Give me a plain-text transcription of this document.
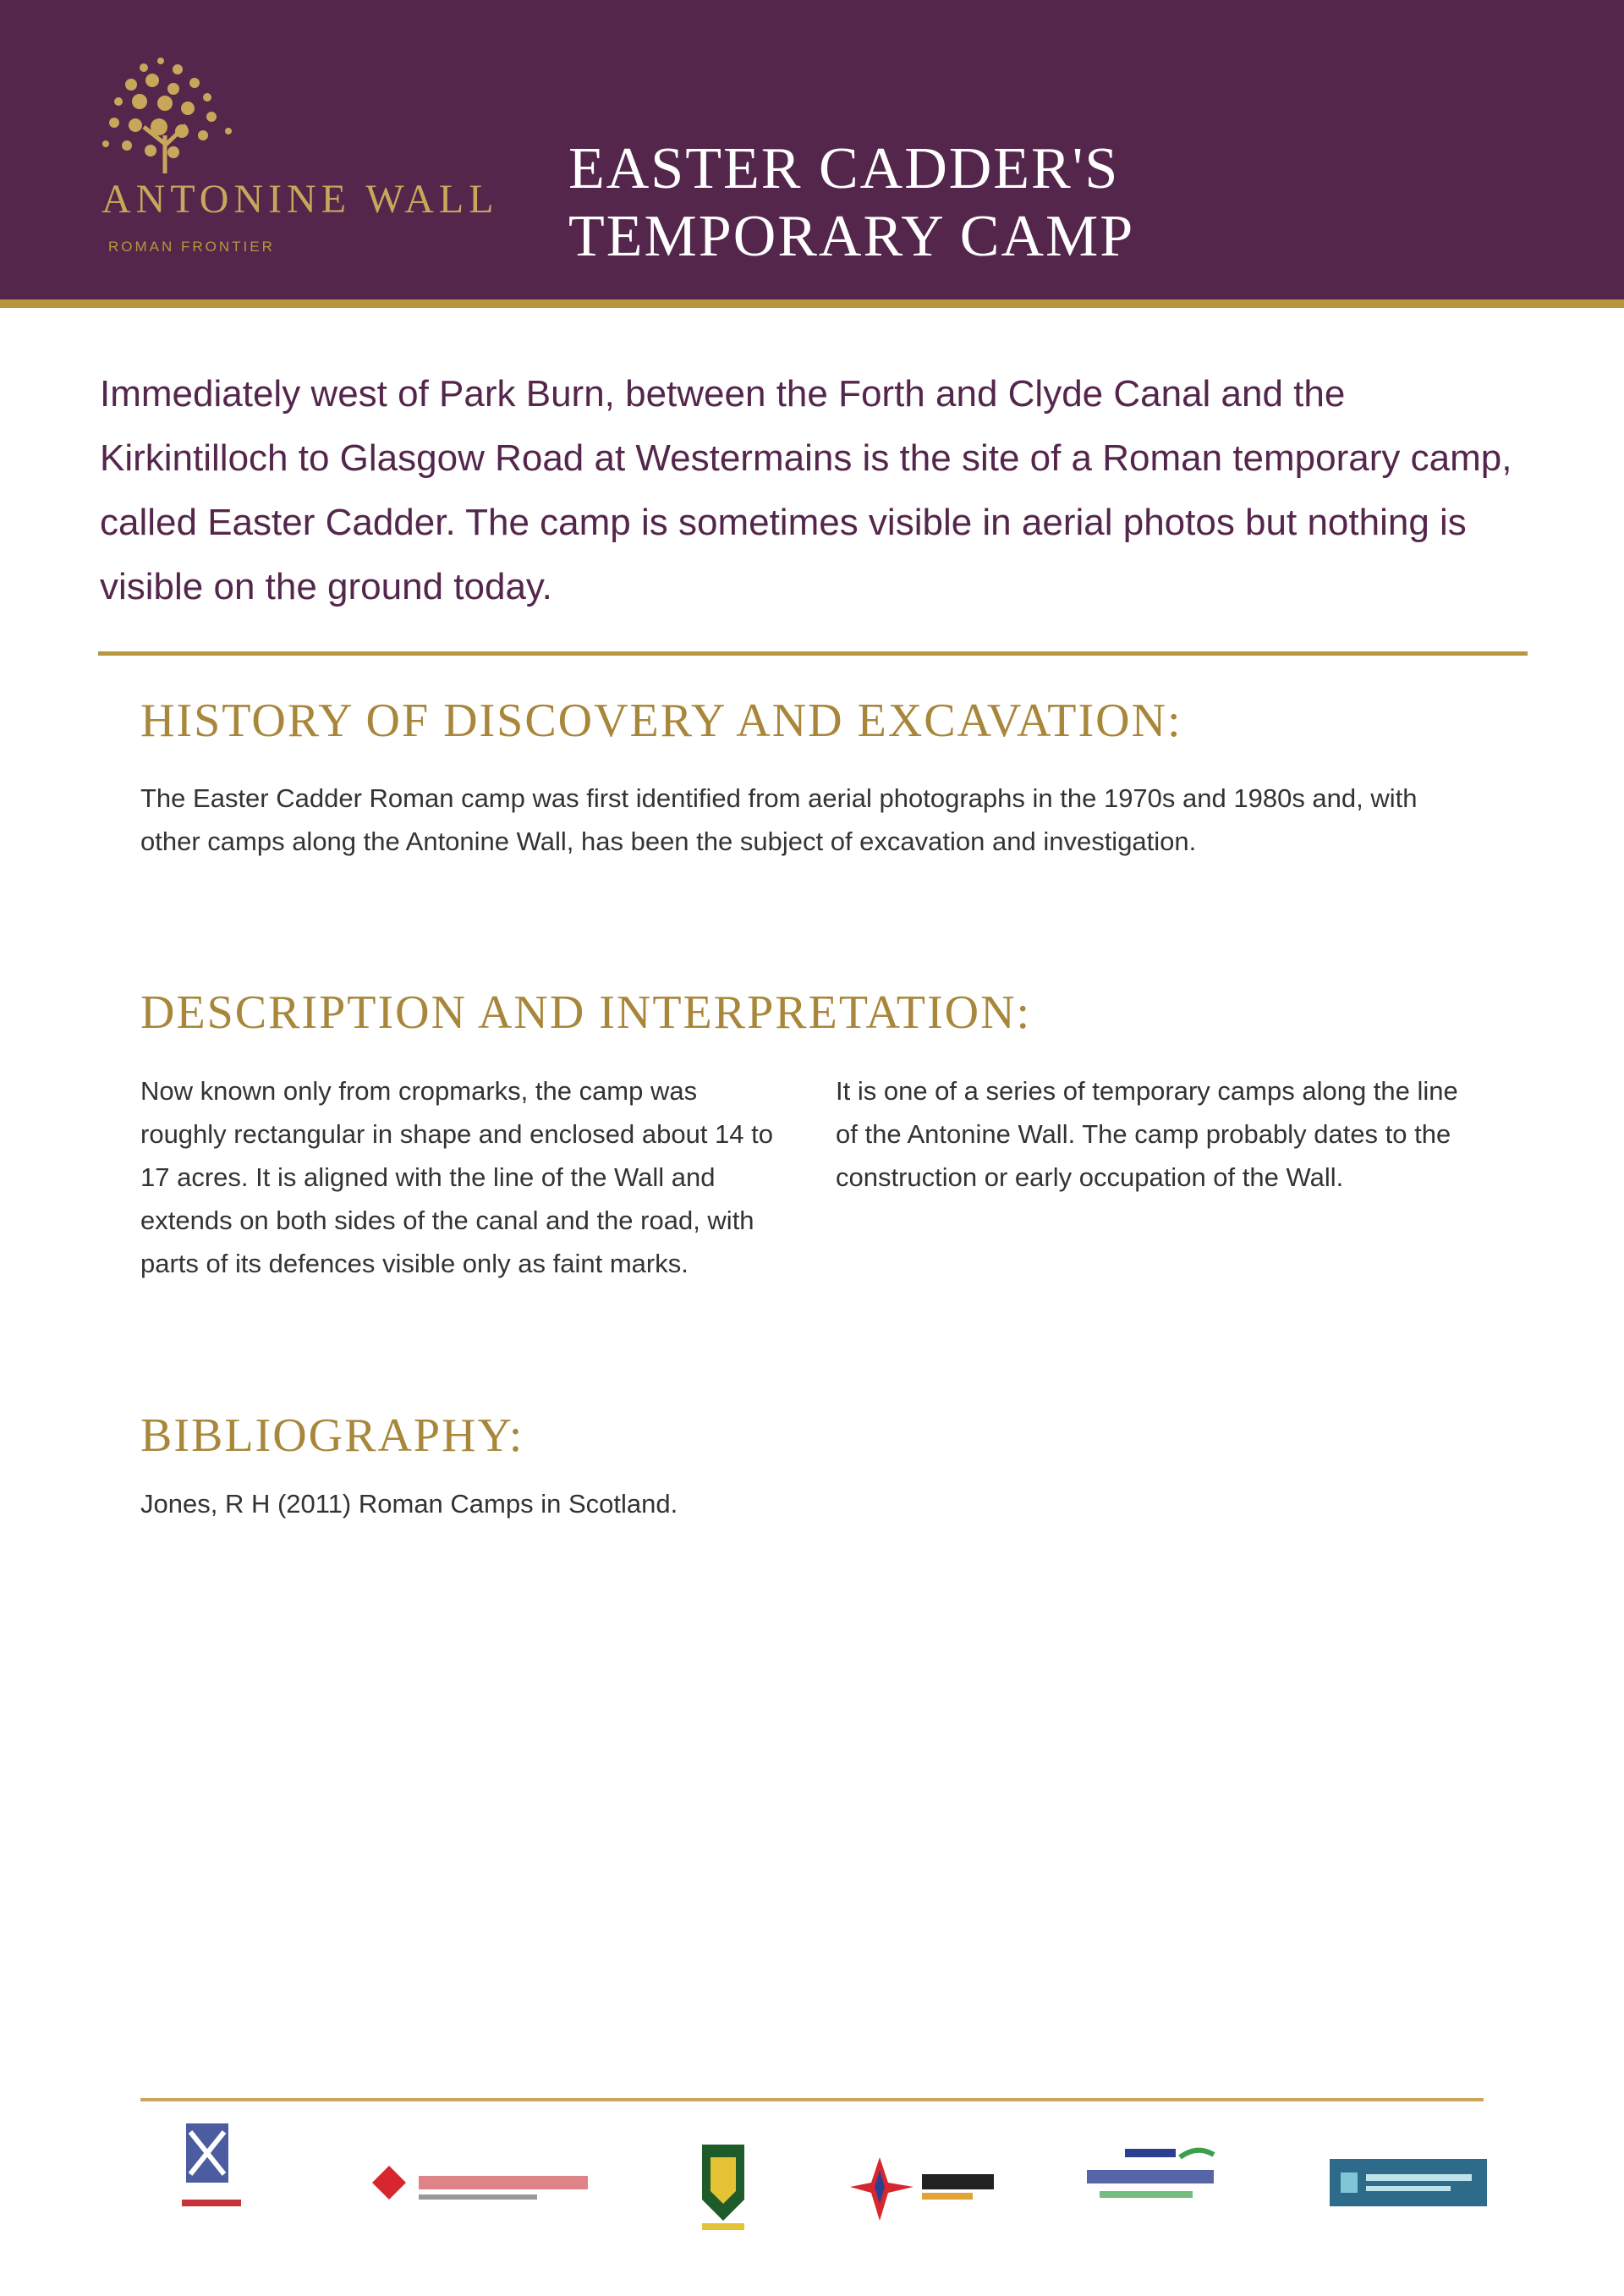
ANTONINE WALL
ROMAN FRONTIER
EASTER CADDER'S
TEMPORARY CAMP

Immediately west of Park Burn, between the Forth and Clyde Canal and the Kirkintilloch to Glasgow Road at Westermains is the site of a Roman temporary camp, called Easter Cadder. The camp is sometimes visible in aerial photos but nothing is visible on the ground today.

HISTORY OF DISCOVERY AND EXCAVATION:

The Easter Cadder Roman camp was first identified from aerial photographs in the 1970s and 1980s and, with other camps along the Antonine Wall, has been the subject of excavation and investigation.

DESCRIPTION AND INTERPRETATION:

Now known only from cropmarks, the camp was roughly rectangular in shape and enclosed about 14 to 17 acres. It is aligned with the line of the Wall and extends on both sides of the canal and the road, with parts of its defences visible only as faint marks.

It is one of a series of temporary camps along the line of the Antonine Wall. The camp probably dates to the construction or early occupation of the Wall.

BIBLIOGRAPHY:

Jones, R H (2011) Roman Camps in Scotland.
